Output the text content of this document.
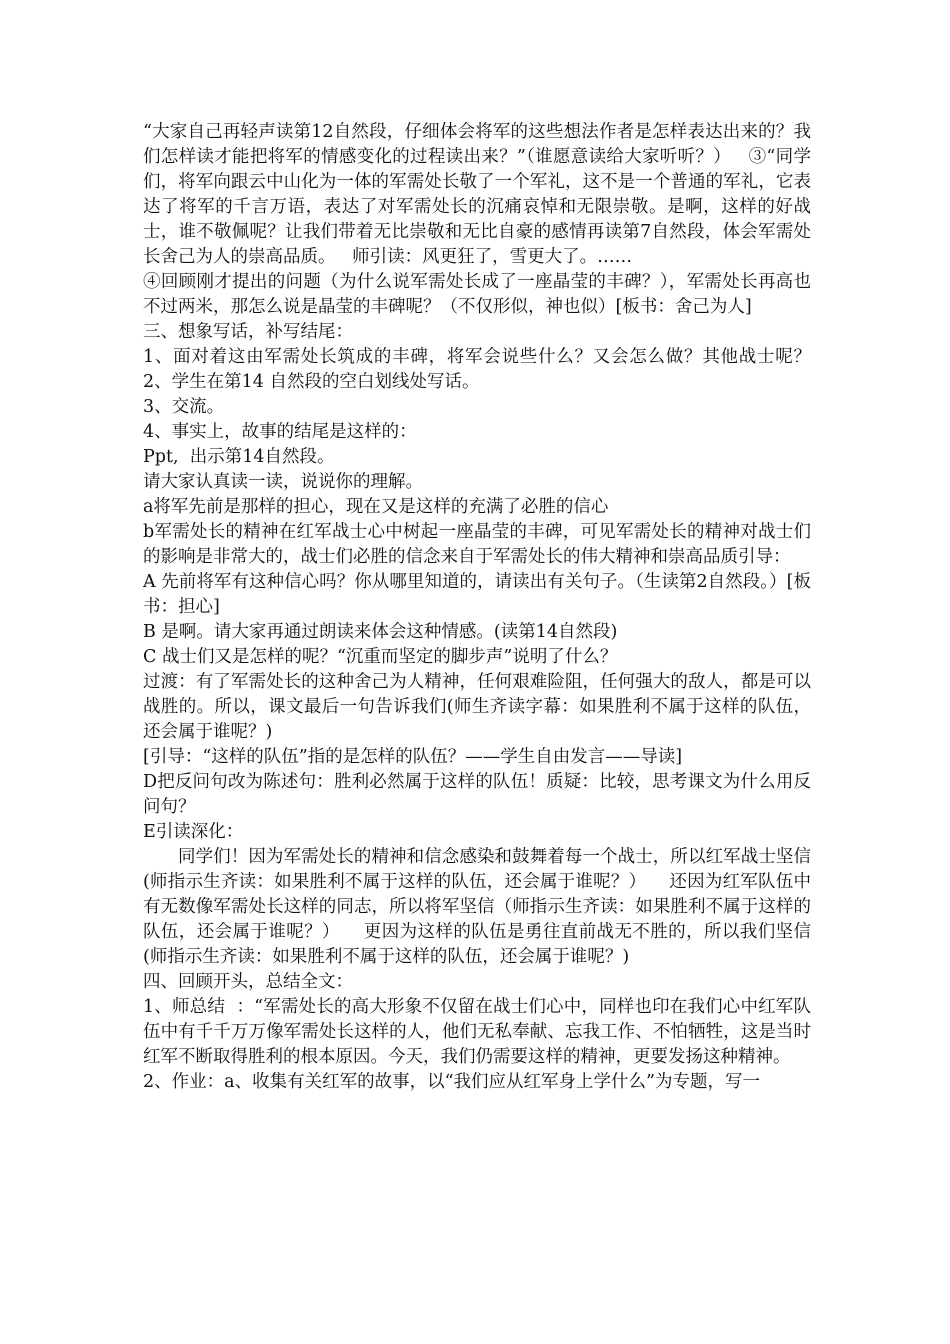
“大家自己再轻声读第12自然段，仔细体会将军的这些想法作者是怎样表达出来的？我们怎样读才能把将军的情感变化的过程读出来？”（谁愿意读给大家听听？）   ③“同学们，将军向跟云中山化为一体的军需处长敬了一个军礼，这不是一个普通的军礼，它表达了将军的千言万语，表达了对军需处长的沉痛哀悼和无限崇敬。是啊，这样的好战士，谁不敬佩呢？让我们带着无比崇敬和无比自豪的感情再读第7自然段，体会军需处长舍己为人的崇高品质。   师引读：风更狂了，雪更大了。……

④回顾刚才提出的问题（为什么说军需处长成了一座晶莹的丰碑？），军需处长再高也不过两米，那怎么说是晶莹的丰碑呢？（不仅形似，神也似）[板书：舍己为人]

三、想象写话，补写结尾：

1、面对着这由军需处长筑成的丰碑，将军会说些什么？又会怎么做？其他战士呢？2、学生在第14 自然段的空白划线处写话。

3、交流。

4、事实上，故事的结尾是这样的：

Ppt,  出示第14自然段。

请大家认真读一读，说说你的理解。

a将军先前是那样的担心，现在又是这样的充满了必胜的信心

b军需处长的精神在红军战士心中树起一座晶莹的丰碑，可见军需处长的精神对战士们的影响是非常大的，战士们必胜的信念来自于军需处长的伟大精神和崇高品质引导：

A 先前将军有这种信心吗？你从哪里知道的，请读出有关句子。（生读第2自然段。）[板书：担心]

B 是啊。请大家再通过朗读来体会这种情感。(读第14自然段)

C 战士们又是怎样的呢？“沉重而坚定的脚步声”说明了什么？

过渡：有了军需处长的这种舍己为人精神，任何艰难险阻，任何强大的敌人，都是可以战胜的。所以，课文最后一句告诉我们(师生齐读字幕：如果胜利不属于这样的队伍，还会属于谁呢？)

[引导：“这样的队伍”指的是怎样的队伍？——学生自由发言——导读]

D把反问句改为陈述句：胜利必然属于这样的队伍！质疑：比较，思考课文为什么用反问句？

E引读深化：

同学们！因为军需处长的精神和信念感染和鼓舞着每一个战士，所以红军战士坚信(师指示生齐读：如果胜利不属于这样的队伍，还会属于谁呢？）    还因为红军队伍中有无数像军需处长这样的同志，所以将军坚信（师指示生齐读：如果胜利不属于这样的队伍，还会属于谁呢？）    更因为这样的队伍是勇往直前战无不胜的，所以我们坚信(师指示生齐读：如果胜利不属于这样的队伍，还会属于谁呢？)

四、回顾开头，总结全文：

1、师总结  ：“军需处长的高大形象不仅留在战士们心中，同样也印在我们心中红军队伍中有千千万万像军需处长这样的人，他们无私奉献、忘我工作、不怕牺牲，这是当时红军不断取得胜利的根本原因。今天，我们仍需要这样的精神，更要发扬这种精神。

2、作业：a、收集有关红军的故事，以“我们应从红军身上学什么”为专题，写一
